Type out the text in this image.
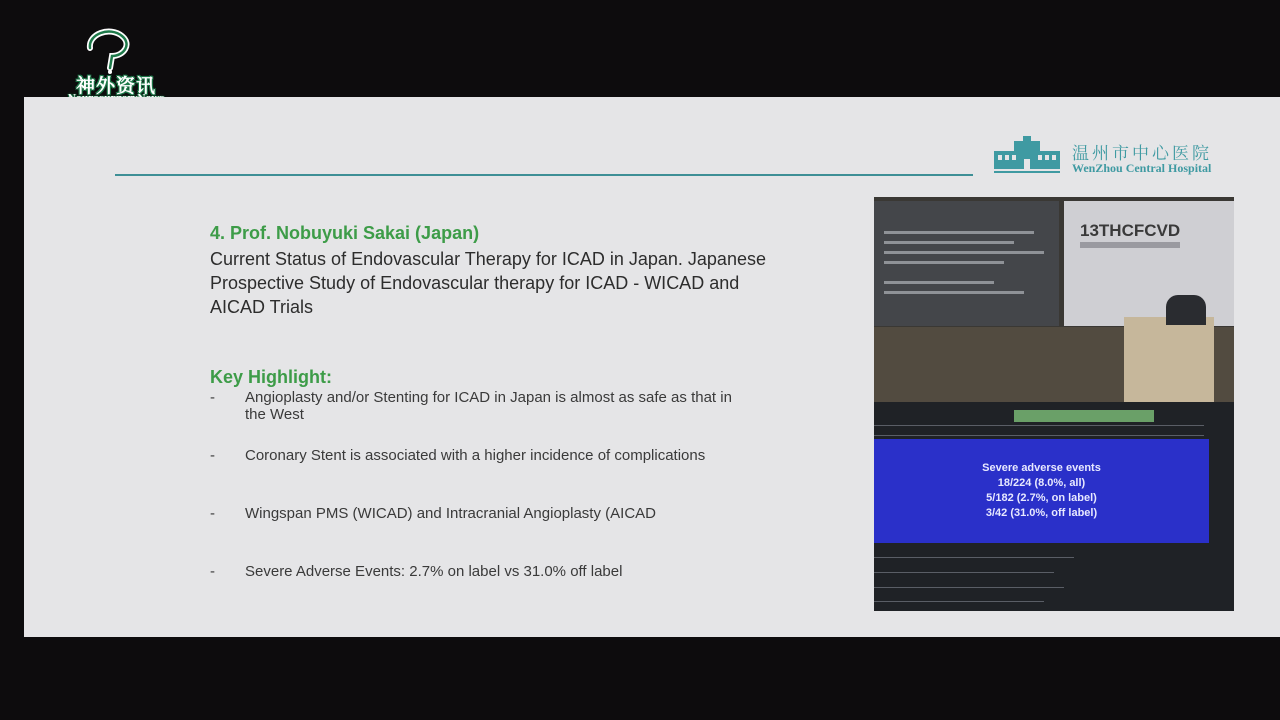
神外资讯
温州市中心医院
WenZhou Central Hospital
4. Prof. Nobuyuki Sakai (Japan)
Current Status of Endovascular Therapy for ICAD in Japan. Japanese Prospective Study of Endovascular therapy for ICAD - WICAD and AICAD Trials
Key Highlight:
- Angioplasty and/or Stenting for ICAD in Japan is almost as safe as that in the West
- Coronary Stent is associated with a higher incidence of complications
- Wingspan PMS (WICAD) and Intracranial Angioplasty (AICAD
- Severe Adverse Events: 2.7% on label vs 31.0% off label
13THCFCVD
Severe adverse events
18/224 (8.0%, all)
5/182 (2.7%, on label)
3/42 (31.0%, off label)
